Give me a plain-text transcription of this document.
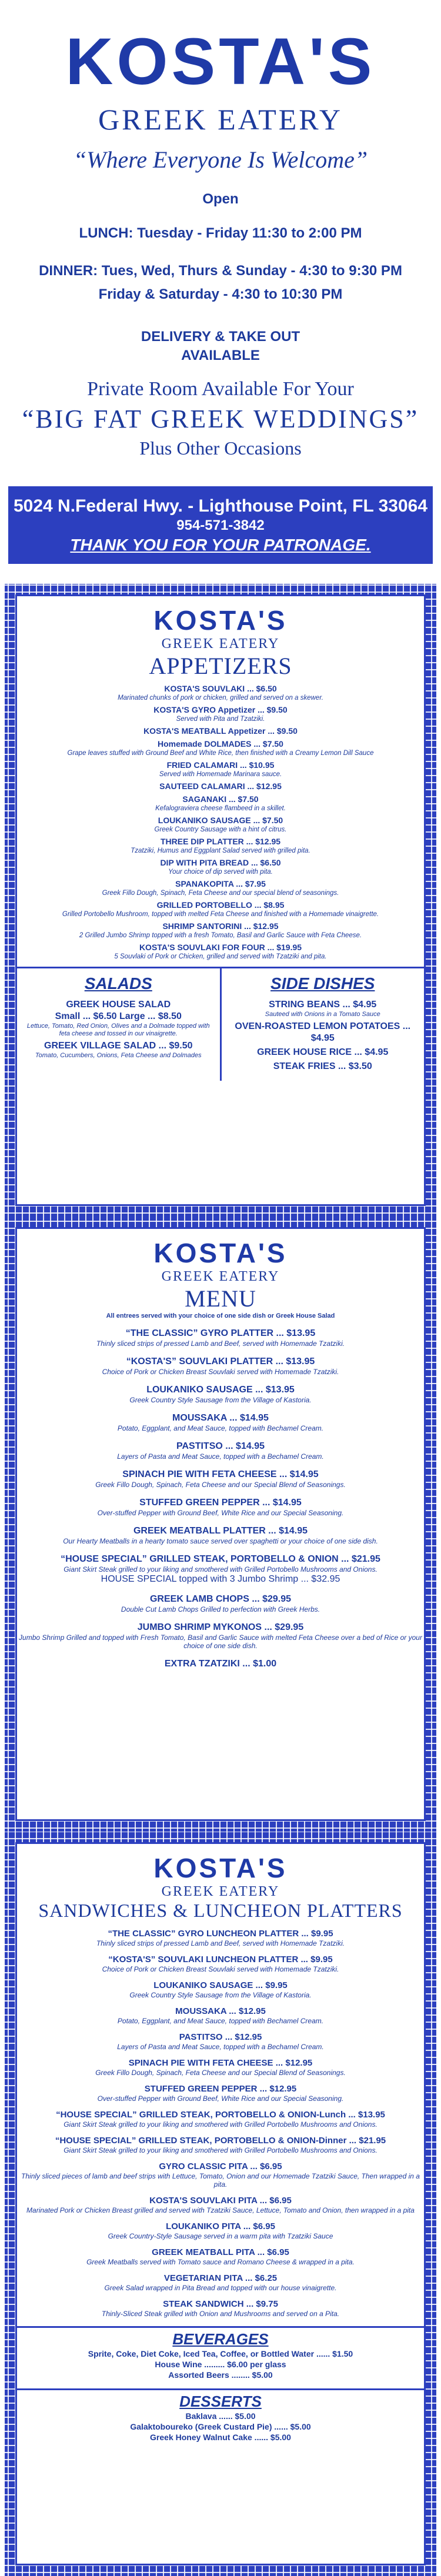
KOSTA'S
GREEK EATERY
“Where Everyone Is Welcome”
Open
LUNCH: Tuesday - Friday 11:30 to 2:00 PM
DINNER: Tues, Wed, Thurs & Sunday - 4:30 to 9:30 PM
Friday & Saturday - 4:30 to 10:30 PM
DELIVERY & TAKE OUT
AVAILABLE
Private Room Available For Your
“BIG FAT GREEK WEDDINGS”
Plus Other Occasions
5024 N.Federal Hwy. - Lighthouse Point, FL 33064
954-571-3842
THANK YOU FOR YOUR PATRONAGE.
KOSTA'S
GREEK EATERY
APPETIZERS
KOSTA'S SOUVLAKI ... $6.50
Marinated chunks of pork or chicken, grilled and served on a skewer.
KOSTA'S GYRO Appetizer ... $9.50
Served with Pita and Tzatziki.
KOSTA'S MEATBALL Appetizer ... $9.50
Homemade DOLMADES ... $7.50
Grape leaves stuffed with Ground Beef and White Rice, then finished with a Creamy Lemon Dill Sauce
FRIED CALAMARI ... $10.95
Served with Homemade Marinara sauce.
SAUTEED CALAMARI ... $12.95
SAGANAKI ... $7.50
Kefalograviera cheese flambeed in a skillet.
LOUKANIKO SAUSAGE ... $7.50
Greek Country Sausage with a hint of citrus.
THREE DIP PLATTER ... $12.95
Tzatziki, Humus and Eggplant Salad served with grilled pita.
DIP WITH PITA BREAD ... $6.50
Your choice of dip served with pita.
SPANAKOPITA ... $7.95
Greek Fillo Dough, Spinach, Feta Cheese and our special blend of seasonings.
GRILLED PORTOBELLO ... $8.95
Grilled Portobello Mushroom, topped with melted Feta Cheese and finished with a Homemade vinaigrette.
SHRIMP SANTORINI ... $12.95
2 Grilled Jumbo Shrimp topped with a fresh Tomato, Basil and Garlic Sauce with Feta Cheese.
KOSTA'S SOUVLAKI FOR FOUR ... $19.95
5 Souvlaki of Pork or Chicken, grilled and served with Tzatziki and pita.
SALADS
GREEK HOUSE SALAD
Small ... $6.50 Large ... $8.50
Lettuce, Tomato, Red Onion, Olives and a Dolmade topped with feta cheese and tossed in our vinaigrette.
GREEK VILLAGE SALAD ... $9.50
Tomato, Cucumbers, Onions, Feta Cheese and Dolmades
SIDE DISHES
STRING BEANS ... $4.95
Sauteed with Onions in a Tomato Sauce
OVEN-ROASTED LEMON POTATOES ... $4.95
GREEK HOUSE RICE ... $4.95
STEAK FRIES ... $3.50
KOSTA'S
GREEK EATERY
MENU
All entrees served with your choice of one side dish or Greek House Salad
“THE CLASSIC” GYRO PLATTER ... $13.95
Thinly sliced strips of pressed Lamb and Beef, served with Homemade Tzatziki.
“KOSTA'S” SOUVLAKI PLATTER ... $13.95
Choice of Pork or Chicken Breast Souvlaki served with Homemade Tzatziki.
LOUKANIKO SAUSAGE ... $13.95
Greek Country Style Sausage from the Village of Kastoria.
MOUSSAKA ... $14.95
Potato, Eggplant, and Meat Sauce, topped with Bechamel Cream.
PASTITSO ... $14.95
Layers of Pasta and Meat Sauce, topped with a Bechamel Cream.
SPINACH PIE WITH FETA CHEESE ... $14.95
Greek Fillo Dough, Spinach, Feta Cheese and our Special Blend of Seasonings.
STUFFED GREEN PEPPER ... $14.95
Over-stuffed Pepper with Ground Beef, White Rice and our Special Seasoning.
GREEK MEATBALL PLATTER ... $14.95
Our Hearty Meatballs in a hearty tomato sauce served over spaghetti or your choice of one side dish.
“HOUSE SPECIAL” GRILLED STEAK, PORTOBELLO & ONION ... $21.95
Giant Skirt Steak grilled to your liking and smothered with Grilled Portobello Mushrooms and Onions.
HOUSE SPECIAL topped with 3 Jumbo Shrimp ... $32.95
GREEK LAMB CHOPS ... $29.95
Double Cut Lamb Chops Grilled to perfection with Greek Herbs.
JUMBO SHRIMP MYKONOS ... $29.95
Jumbo Shrimp Grilled and topped with Fresh Tomato, Basil and Garlic Sauce with melted Feta Cheese over a bed of Rice or your choice of one side dish.
EXTRA TZATZIKI ... $1.00
KOSTA'S
GREEK EATERY
SANDWICHES & LUNCHEON PLATTERS
“THE CLASSIC” GYRO LUNCHEON PLATTER ... $9.95
Thinly sliced strips of pressed Lamb and Beef, served with Homemade Tzatziki.
“KOSTA'S” SOUVLAKI LUNCHEON PLATTER ... $9.95
Choice of Pork or Chicken Breast Souvlaki served with Homemade Tzatziki.
LOUKANIKO SAUSAGE ... $9.95
Greek Country Style Sausage from the Village of Kastoria.
MOUSSAKA ... $12.95
Potato, Eggplant, and Meat Sauce, topped with Bechamel Cream.
PASTITSO ... $12.95
Layers of Pasta and Meat Sauce, topped with a Bechamel Cream.
SPINACH PIE WITH FETA CHEESE ... $12.95
Greek Fillo Dough, Spinach, Feta Cheese and our Special Blend of Seasonings.
STUFFED GREEN PEPPER ... $12.95
Over-stuffed Pepper with Ground Beef, White Rice and our Special Seasoning.
“HOUSE SPECIAL” GRILLED STEAK, PORTOBELLO & ONION-Lunch ... $13.95
Giant Skirt Steak grilled to your liking and smothered with Grilled Portobello Mushrooms and Onions.
“HOUSE SPECIAL” GRILLED STEAK, PORTOBELLO & ONION-Dinner ... $21.95
Giant Skirt Steak grilled to your liking and smothered with Grilled Portobello Mushrooms and Onions.
GYRO CLASSIC PITA ... $6.95
Thinly sliced pieces of lamb and beef strips with Lettuce, Tomato, Onion and our Homemade Tzatziki Sauce, Then wrapped in a pita.
KOSTA'S SOUVLAKI PITA ... $6.95
Marinated Pork or Chicken Breast grilled and served with Tzatziki Sauce, Lettuce, Tomato and Onion, then wrapped in a pita
LOUKANIKO PITA ... $6.95
Greek Country-Style Sausage served in a warm pita with Tzatziki Sauce
GREEK MEATBALL PITA ... $6.95
Greek Meatballs served with Tomato sauce and Romano Cheese & wrapped in a pita.
VEGETARIAN PITA ... $6.25
Greek Salad wrapped in Pita Bread and topped with our house vinaigrette.
STEAK SANDWICH ... $9.75
Thinly-Sliced Steak grilled with Onion and Mushrooms and served on a Pita.
BEVERAGES
Sprite, Coke, Diet Coke, Iced Tea, Coffee, or Bottled Water ...... $1.50
House Wine ......... $6.00 per glass
Assorted Beers ........ $5.00
DESSERTS
Baklava ...... $5.00
Galaktoboureko (Greek Custard Pie) ...... $5.00
Greek Honey Walnut Cake ...... $5.00
